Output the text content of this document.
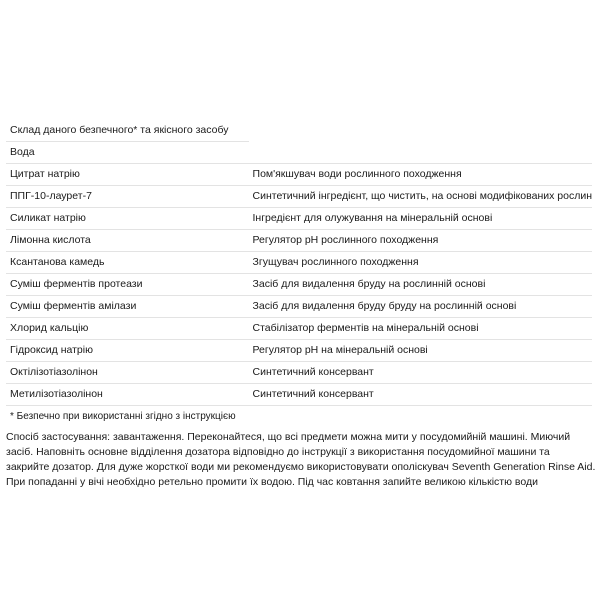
Склад даного безпечного* та якісного засобу	
Вода	
Цитрат натрію	Пом'якшувач води рослинного походження
ППГ-10-лаурет-7	Синтетичний інгредієнт, що чистить, на основі модифікованих рослин
Силикат натрію	Інгредієнт для олужування на мінеральній основі
Лімонна кислота	Регулятор pH рослинного походження
Ксантанова камедь	Згущувач рослинного походження
Суміш ферментів протеази	Засіб для видалення бруду на рослинній основі
Суміш ферментів амілази	Засіб для видалення бруду бруду на рослинній основі
Хлорид кальцію	Стабілізатор ферментів на мінеральній основі
Гідроксид натрію	Регулятор pH на мінеральній основі
Октілізотіазолінон	Синтетичний консервант
Метилізотіазолінон	Синтетичний консервант
* Безпечно при використанні згідно з інструкцією	

Спосіб застосування: завантаження. Переконайтеся, що всі предмети можна мити у посудомийній машині. Миючий засіб. Наповніть основне відділення дозатора відповідно до інструкції з використання посудомийної машини та закрийте дозатор. Для дуже жорсткої води ми рекомендуємо використовувати ополіскувач Seventh Generation Rinse Aid. При попаданні у вічі необхідно ретельно промити їх водою. Під час ковтання запийте великою кількістю води
